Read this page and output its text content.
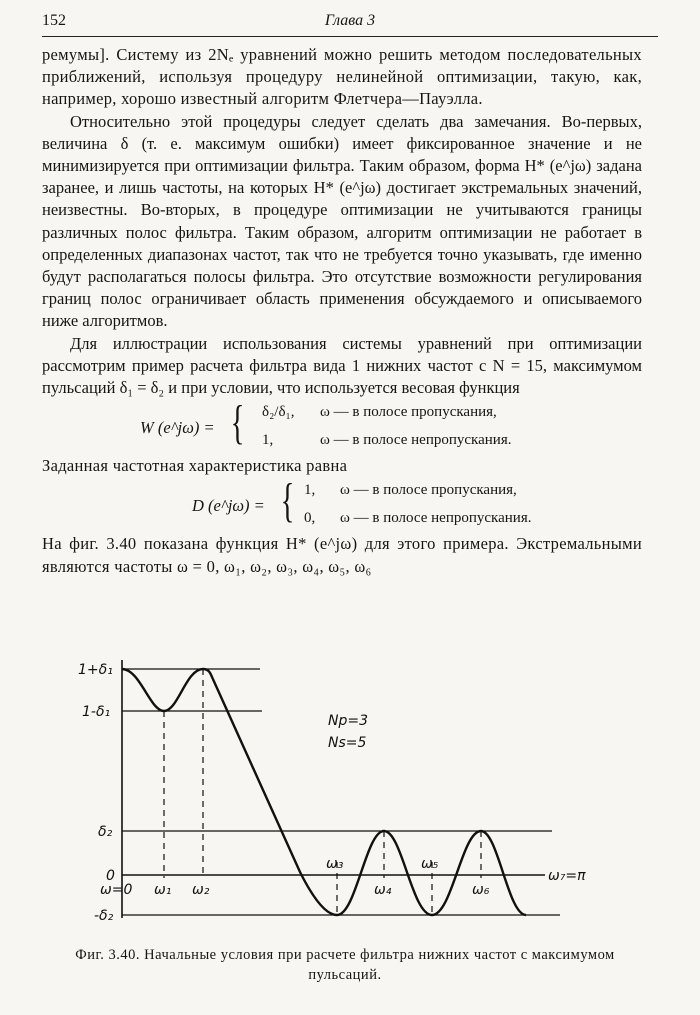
152	Глава 3

ремумы]. Систему из 2Nₑ уравнений можно решить методом последовательных приближений, используя процедуру нелинейной оптимизации, такую, как, например, хорошо известный алгоритм Флетчера—Пауэлла.

Относительно этой процедуры следует сделать два замечания. Во-первых, величина δ (т. е. максимум ошибки) имеет фиксированное значение и не минимизируется при оптимизации фильтра. Таким образом, форма H* (e^jω) задана заранее, и лишь частоты, на которых H* (e^jω) достигает экстремальных значений, неизвестны. Во-вторых, в процедуре оптимизации не учитываются границы различных полос фильтра. Таким образом, алгоритм оптимизации не работает в определенных диапазонах частот, так что не требуется точно указывать, где именно будут располагаться полосы фильтра. Это отсутствие возможности регулирования границ полос ограничивает область применения обсуждаемого и описываемого ниже алгоритмов.

Для иллюстрации использования системы уравнений при оптимизации рассмотрим пример расчета фильтра вида 1 нижних частот с N = 15, максимумом пульсаций δ₁ = δ₂ и при условии, что используется весовая функция

W (e^jω) = { δ₂/δ₁, ω — в полосе пропускания,
1,	ω — в полосе непропускания.

Заданная частотная характеристика равна

D (e^jω) = { 1, ω — в полосе пропускания,
0, ω — в полосе непропускания.

На фиг. 3.40 показана функция H* (e^jω) для этого примера. Экстремальными являются частоты ω = 0, ω₁, ω₂, ω₃, ω₄, ω₅, ω₆

1+δ₁
1-δ₁
δ₂
0
-δ₂
ω=0 ω₁ ω₂	ω₄	ω₆
ω₃	ω₅
ω₇=π
Np=3
Ns=5
Фиг. 3.40. Начальные условия при расчете фильтра нижних частот с максимумом пульсаций.
